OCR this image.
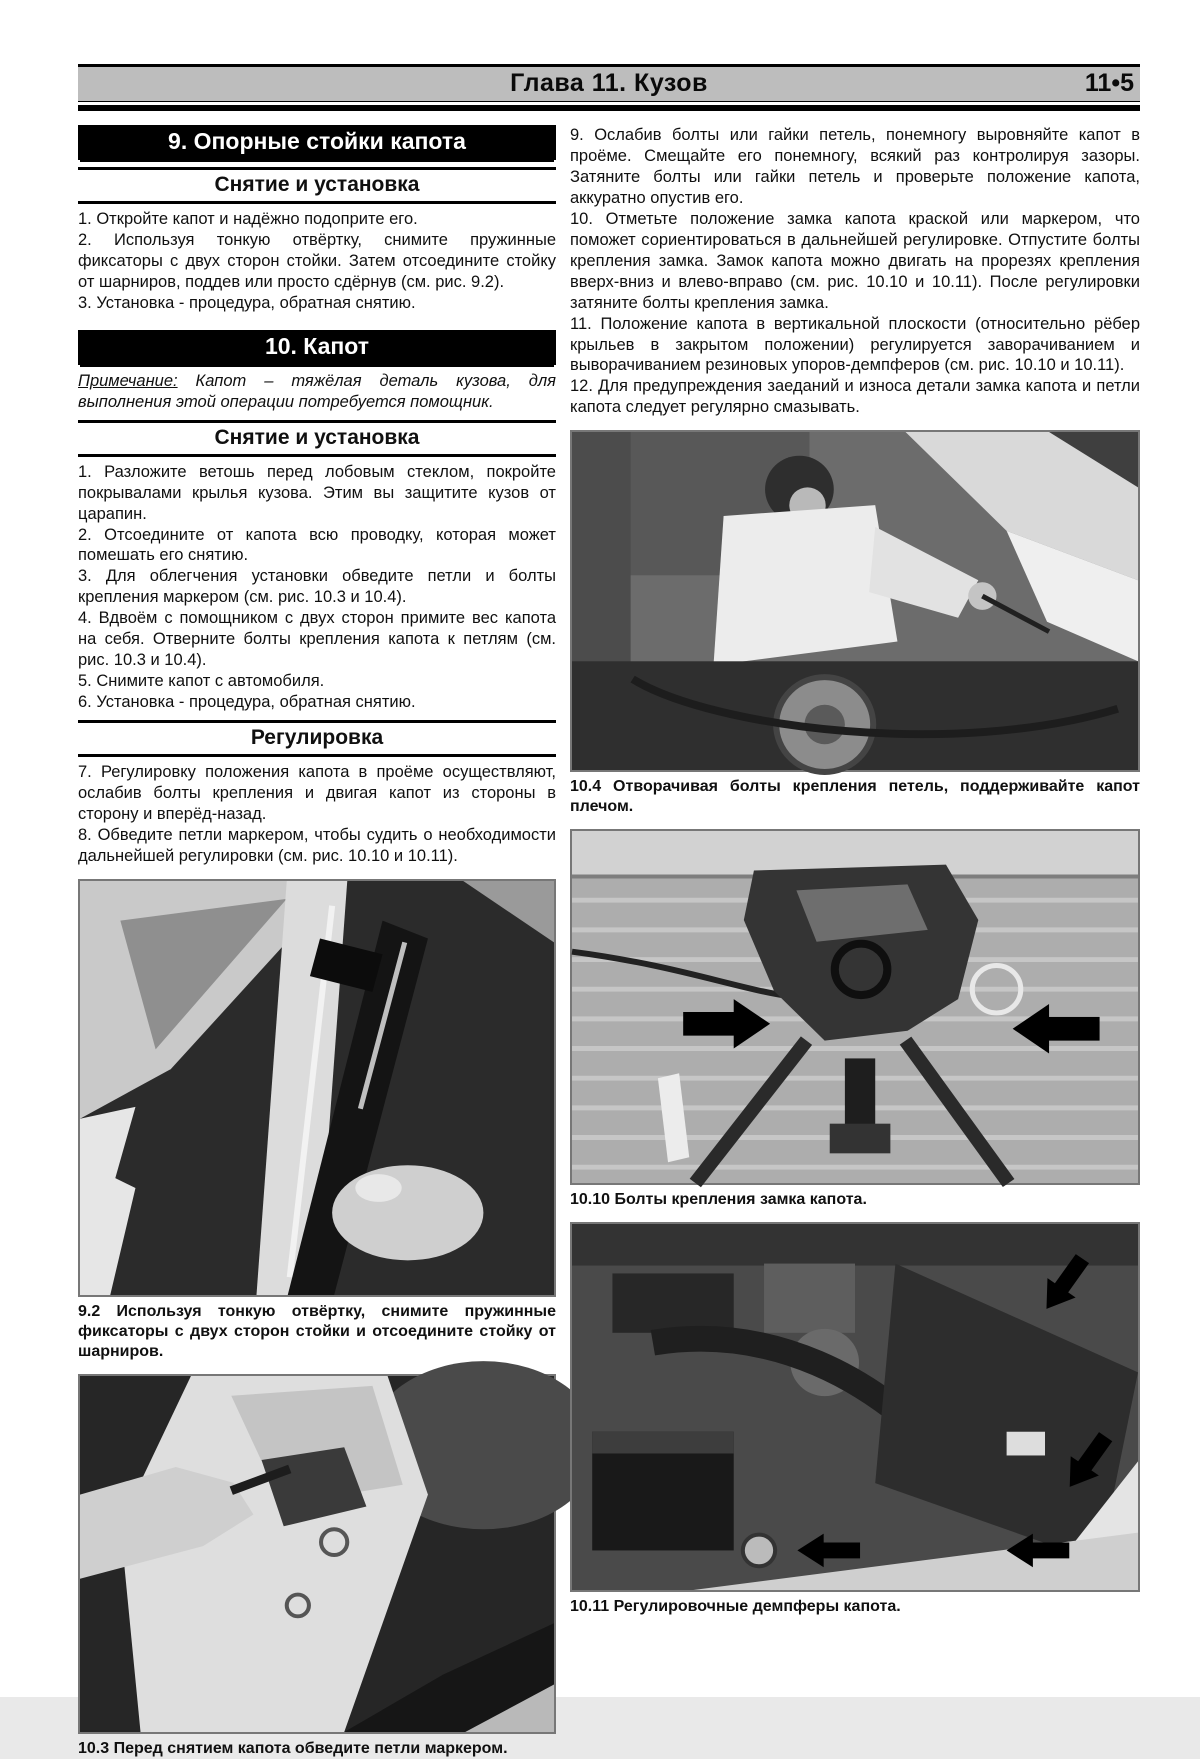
Глава 11. Кузов	11•5
9. Опорные стойки капота
Снятие и установка

1. Откройте капот и надёжно подоприте его.

2. Используя тонкую отвёртку, снимите пружинные фиксаторы с двух сторон стойки. Затем отсоедините стойку от шарниров, поддев или просто сдёрнув (см. рис. 9.2).

3. Установка - процедура, обратная снятию.

10. Капот

Примечание: Капот – тяжёлая деталь кузова, для выполнения этой операции потребуется помощник.

Снятие и установка

1. Разложите ветошь перед лобовым стеклом, покройте покрывалами крылья кузова. Этим вы защитите кузов от царапин.

2. Отсоедините от капота всю проводку, которая может помешать его снятию.

3. Для облегчения установки обведите петли и болты крепления маркером (см. рис. 10.3 и 10.4).

4. Вдвоём с помощником с двух сторон примите вес капота на себя. Отверните болты крепления капота к петлям (см. рис. 10.3 и 10.4).

5. Снимите капот с автомобиля.

6. Установка - процедура, обратная снятию.

Регулировка

7. Регулировку положения капота в проёме осуществляют, ослабив болты крепления и двигая капот из стороны в сторону и вперёд-назад.

8. Обведите петли маркером, чтобы судить о необходимости дальнейшей регулировки (см. рис. 10.10 и 10.11).

9.2 Используя тонкую отвёртку, снимите пружинные фиксаторы с двух сторон стойки и отсоедините стойку от шарниров.
10.3 Перед снятием капота обведите петли маркером.

9. Ослабив болты или гайки петель, понемногу выровняйте капот в проёме. Смещайте его понемногу, всякий раз контролируя зазоры. Затяните болты или гайки петель и проверьте положение капота, аккуратно опустив его.

10. Отметьте положение замка капота краской или маркером, что поможет сориентироваться в дальнейшей регулировке. Отпустите болты крепления замка. Замок капота можно двигать на прорезях крепления вверх-вниз и влево-вправо (см. рис. 10.10 и 10.11). После регулировки затяните болты крепления замка.

11. Положение капота в вертикальной плоскости (относительно рёбер крыльев в закрытом положении) регулируется заворачиванием и выворачиванием резиновых упоров-демпферов (см. рис. 10.10 и 10.11).

12. Для предупреждения заеданий и износа детали замка капота и петли капота следует регулярно смазывать.

10.4 Отворачивая болты крепления петель, поддерживайте капот плечом.
10.10 Болты крепления замка капота.
10.11 Регулировочные демпферы капота.
